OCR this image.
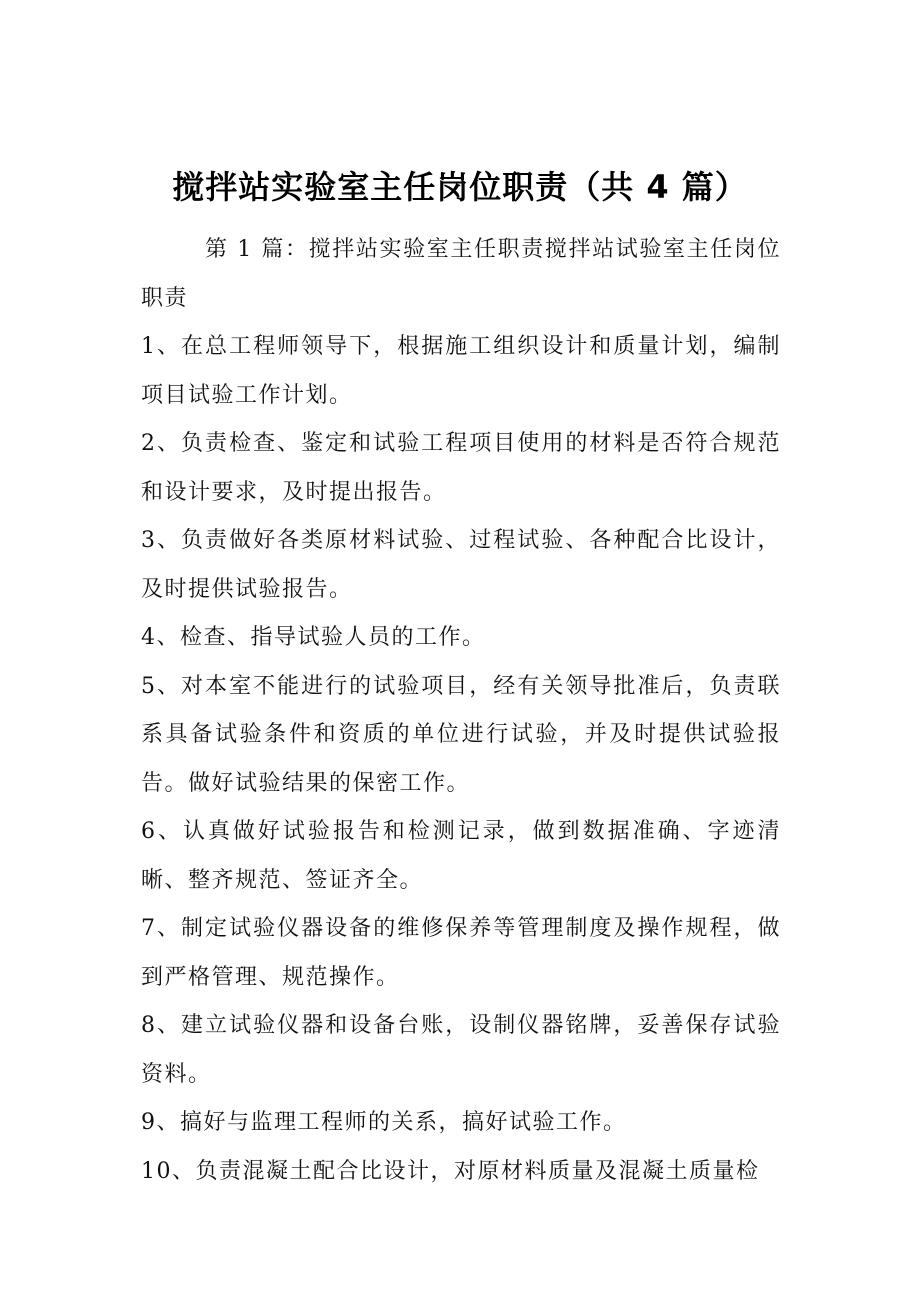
搅拌站实验室主任岗位职责（共 4 篇）

第 1 篇：搅拌站实验室主任职责搅拌站试验室主任岗位职责

1、在总工程师领导下，根据施工组织设计和质量计划，编制项目试验工作计划。

2、负责检查、鉴定和试验工程项目使用的材料是否符合规范和设计要求，及时提出报告。

3、负责做好各类原材料试验、过程试验、各种配合比设计，及时提供试验报告。

4、检查、指导试验人员的工作。

5、对本室不能进行的试验项目，经有关领导批准后，负责联系具备试验条件和资质的单位进行试验，并及时提供试验报告。做好试验结果的保密工作。

6、认真做好试验报告和检测记录，做到数据准确、字迹清晰、整齐规范、签证齐全。

7、制定试验仪器设备的维修保养等管理制度及操作规程，做到严格管理、规范操作。

8、建立试验仪器和设备台账，设制仪器铭牌，妥善保存试验资料。

9、搞好与监理工程师的关系，搞好试验工作。

10、负责混凝土配合比设计，对原材料质量及混凝土质量检
